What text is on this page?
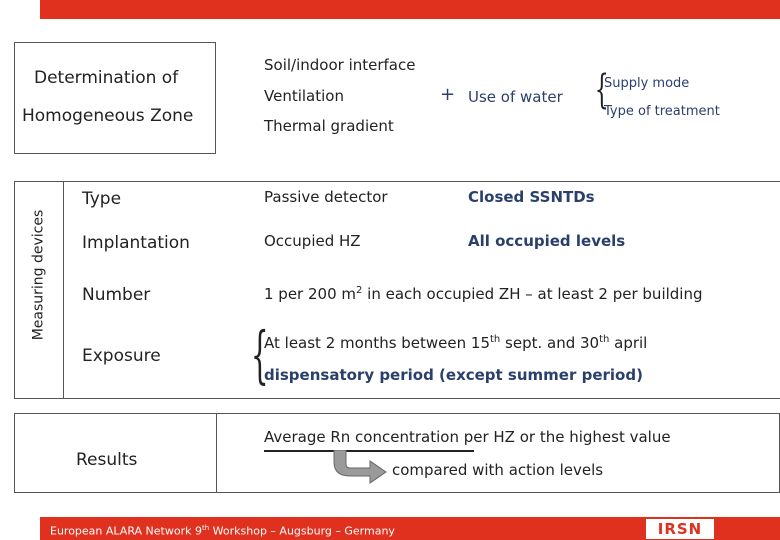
Determination of
Homogeneous Zone
Soil/indoor interface
Ventilation
Thermal gradient
+ Use of water {
Supply mode
Type of treatment
Measuring devices
Type	Passive detector	Closed SSNTDs
Implantation	Occupied HZ	All occupied levels
Number	1 per 200 $m^2$ in each occupied ZH – at least 2 per building
Exposure {
At least 2 months between 15th sept. and 30th april
dispensatory period (except summer period)
Results
Average Rn concentration per HZ or the highest value
compared with action levels
European ALARA Network 9th Workshop – Augsburg – Germany	IRSN
